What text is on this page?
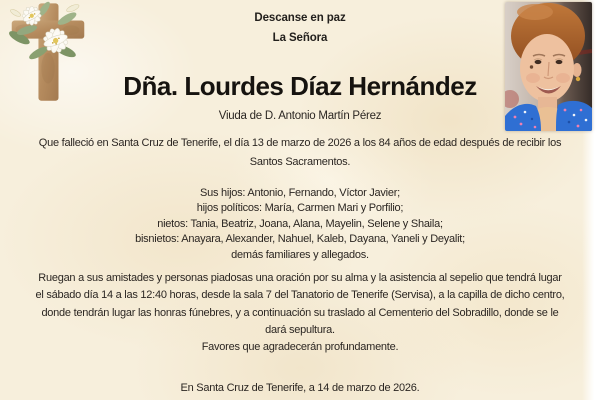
Descanse en paz
La Señora
Dña. Lourdes Díaz Hernández
Viuda de D. Antonio Martín Pérez
Que falleció en Santa Cruz de Tenerife, el día 13 de marzo de 2026 a los 84 años de edad después de recibir los
Santos Sacramentos.
Sus hijos: Antonio, Fernando, Víctor Javier;
hijos políticos: María, Carmen Mari y Porfilio;
nietos: Tania, Beatriz, Joana, Alana, Mayelin, Selene y Shaila;
bisnietos: Anayara, Alexander, Nahuel, Kaleb, Dayana, Yaneli y Deyalit;
demás familiares y allegados.
Ruegan a sus amistades y personas piadosas una oración por su alma y la asistencia al sepelio que tendrá lugar
el sábado día 14 a las 12:40 horas, desde la sala 7 del Tanatorio de Tenerife (Servisa), a la capilla de dicho centro,
donde tendrán lugar las honras fúnebres, y a continuación su traslado al Cementerio del Sobradillo, donde se le
dará sepultura.
Favores que agradecerán profundamente.
En Santa Cruz de Tenerife, a 14 de marzo de 2026.
